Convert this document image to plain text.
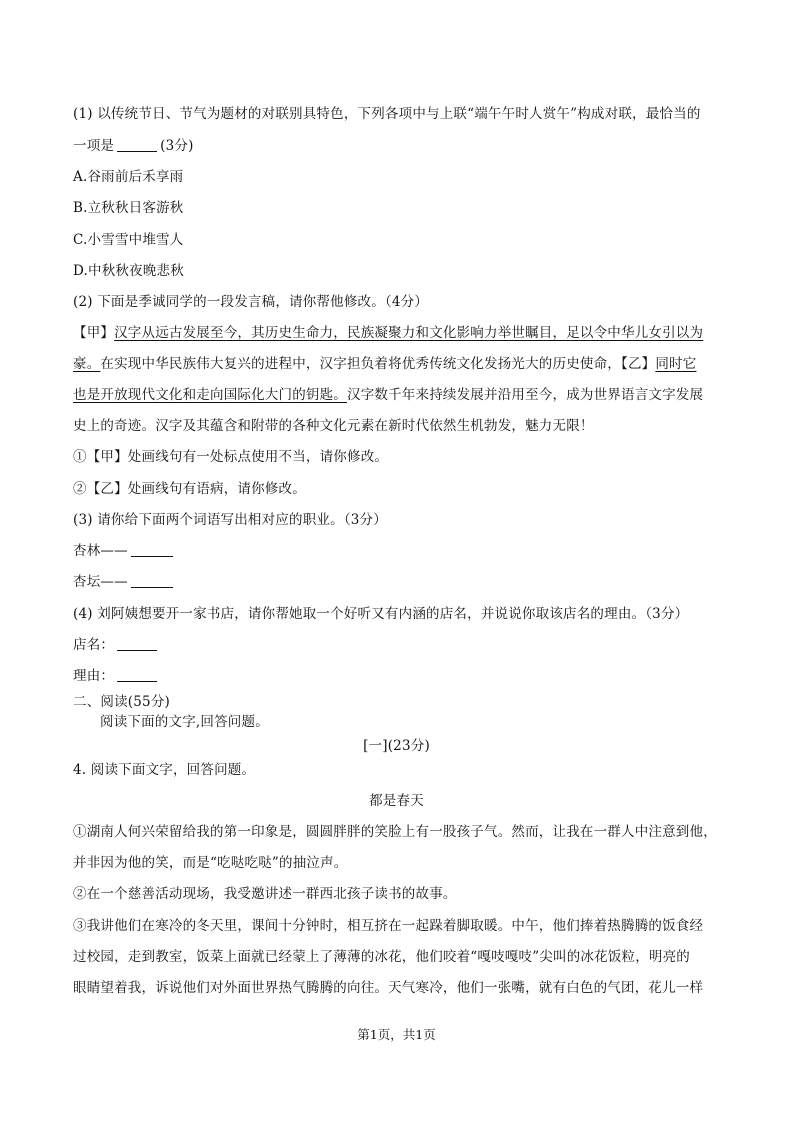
(1) 以传统节日、节气为题材的对联别具特色，下列各项中与上联“端午午时人赏午”构成对联，最恰当的
一项是	(3分)
A.谷雨前后禾享雨
B.立秋秋日客游秋
C.小雪雪中堆雪人
D.中秋秋夜晚悲秋
(2) 下面是季诚同学的一段发言稿，请你帮他修改。（4分）
【甲】汉字从远古发展至今，其历史生命力，民族凝聚力和文化影响力举世瞩目，足以令中华儿女引以为
豪。在实现中华民族伟大复兴的进程中，汉字担负着将优秀传统文化发扬光大的历史使命，【乙】同时它
也是开放现代文化和走向国际化大门的钥匙。汉字数千年来持续发展并沿用至今，成为世界语言文字发展
史上的奇迹。汉字及其蕴含和附带的各种文化元素在新时代依然生机勃发，魅力无限！
①【甲】处画线句有一处标点使用不当，请你修改。
②【乙】处画线句有语病，请你修改。
(3) 请你给下面两个词语写出相对应的职业。（3分）
杏林——
杏坛——
(4) 刘阿姨想要开一家书店，请你帮她取一个好听又有内涵的店名，并说说你取该店名的理由。（3分）
店名：
理由：
二、阅读(55分)
阅读下面的文字,回答问题。
[一](23分)
4. 阅读下面文字，回答问题。
都是春天
①湖南人何兴荣留给我的第一印象是，圆圆胖胖的笑脸上有一股孩子气。然而，让我在一群人中注意到他，
并非因为他的笑，而是“吃哒吃哒”的抽泣声。
②在一个慈善活动现场，我受邀讲述一群西北孩子读书的故事。
③我讲他们在寒冷的冬天里，课间十分钟时，相互挤在一起跺着脚取暖。中午，他们捧着热腾腾的饭食经
过校园，走到教室，饭菜上面就已经蒙上了薄薄的冰花，他们咬着“嘎吱嘎吱”尖叫的冰花饭粒，明亮的
眼睛望着我，诉说他们对外面世界热气腾腾的向往。天气寒冷，他们一张嘴，就有白色的气团，花儿一样
第1页，共1页
